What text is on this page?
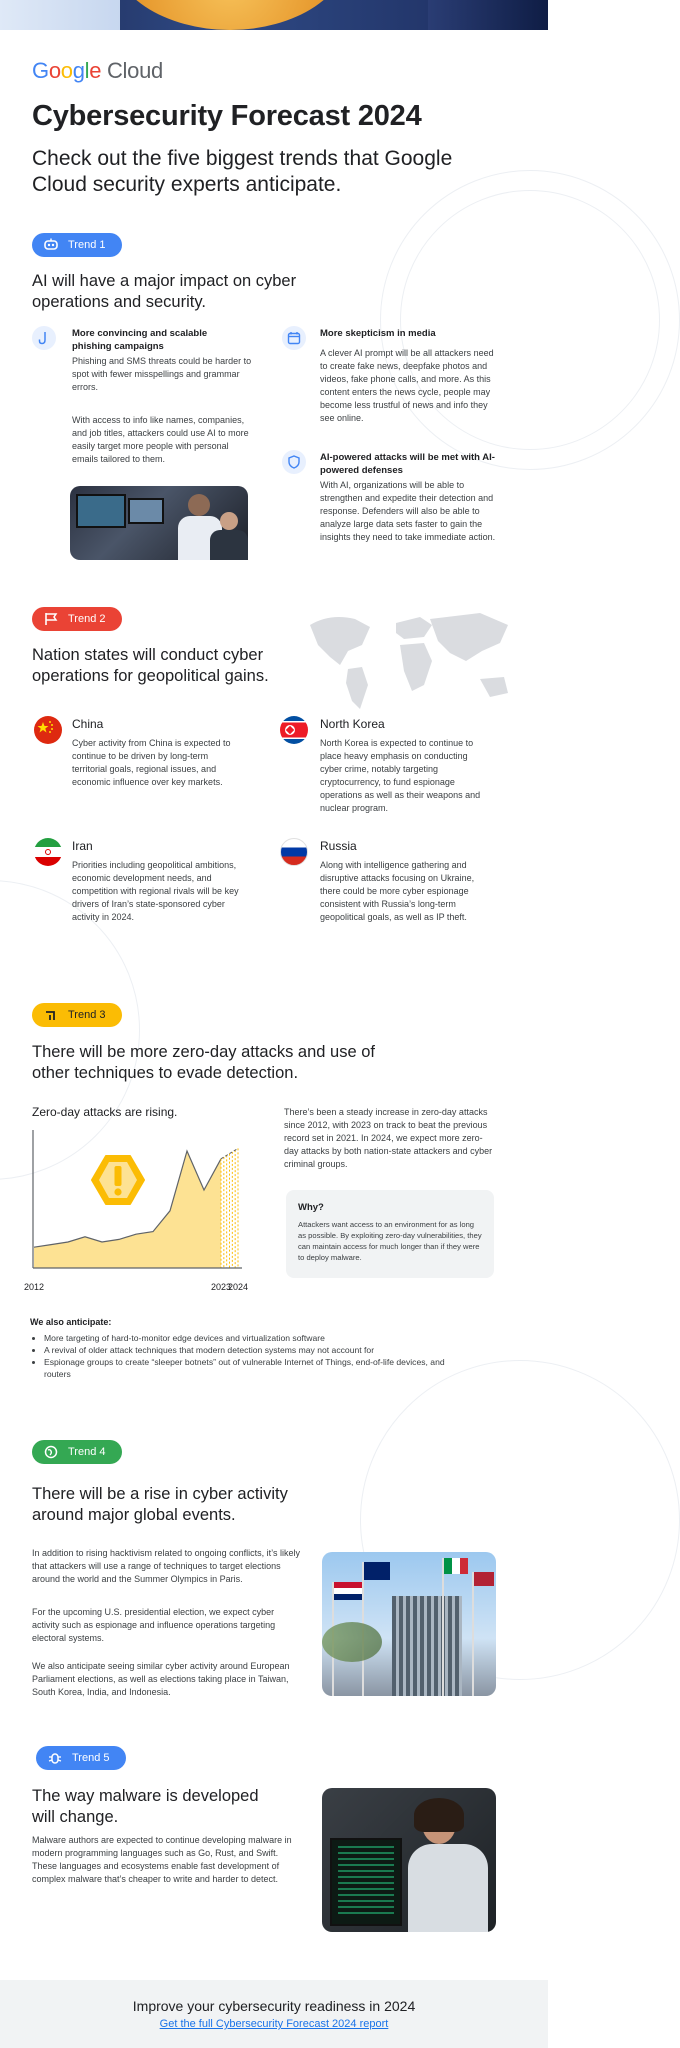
Google Cloud
Cybersecurity Forecast 2024
Check out the five biggest trends that Google Cloud security experts anticipate.
Trend 1
AI will have a major impact on cyber operations and security.
More convincing and scalable phishing campaigns
Phishing and SMS threats could be harder to spot with fewer misspellings and grammar errors.
With access to info like names, companies, and job titles, attackers could use AI to more easily target more people with personal emails tailored to them.
More skepticism in media
A clever AI prompt will be all attackers need to create fake news, deepfake photos and videos, fake phone calls, and more. As this content enters the news cycle, people may become less trustful of news and info they see online.
AI-powered attacks will be met with AI-powered defenses
With AI, organizations will be able to strengthen and expedite their detection and response. Defenders will also be able to analyze large data sets faster to gain the insights they need to take immediate action.
Trend 2
Nation states will conduct cyber operations for geopolitical gains.
China
Cyber activity from China is expected to continue to be driven by long-term territorial goals, regional issues, and economic influence over key markets.
North Korea
North Korea is expected to continue to place heavy emphasis on conducting cyber crime, notably targeting cryptocurrency, to fund espionage operations as well as their weapons and nuclear program.
Iran
Priorities including geopolitical ambitions, economic development needs, and competition with regional rivals will be key drivers of Iran’s state-sponsored cyber activity in 2024.
Russia
Along with intelligence gathering and disruptive attacks focusing on Ukraine, there could be more cyber espionage consistent with Russia’s long-term geopolitical goals, as well as IP theft.
Trend 3
There will be more zero-day attacks and use of other techniques to evade detection.
Zero-day attacks are rising.
2012	2023
2024
There’s been a steady increase in zero-day attacks since 2012, with 2023 on track to beat the previous record set in 2021. In 2024, we expect more zero-day attacks by both nation-state attackers and cyber criminal groups.
Why?
Attackers want access to an environment for as long as possible. By exploiting zero-day vulnerabilities, they can maintain access for much longer than if they were to deploy malware.
We also anticipate:
• More targeting of hard-to-monitor edge devices and virtualization software
• A revival of older attack techniques that modern detection systems may not account for
• Espionage groups to create “sleeper botnets” out of vulnerable Internet of Things, end-of-life devices, and routers
Trend 4
There will be a rise in cyber activity around major global events.
In addition to rising hacktivism related to ongoing conflicts, it’s likely that attackers will use a range of techniques to target elections around the world and the Summer Olympics in Paris.
For the upcoming U.S. presidential election, we expect cyber activity such as espionage and influence operations targeting electoral systems.
We also anticipate seeing similar cyber activity around European Parliament elections, as well as elections taking place in Taiwan, South Korea, India, and Indonesia.
Trend 5
The way malware is developed will change.
Malware authors are expected to continue developing malware in modern programming languages such as Go, Rust, and Swift. These languages and ecosystems enable fast development of complex malware that’s cheaper to write and harder to detect.
Improve your cybersecurity readiness in 2024
Get the full Cybersecurity Forecast 2024 report
